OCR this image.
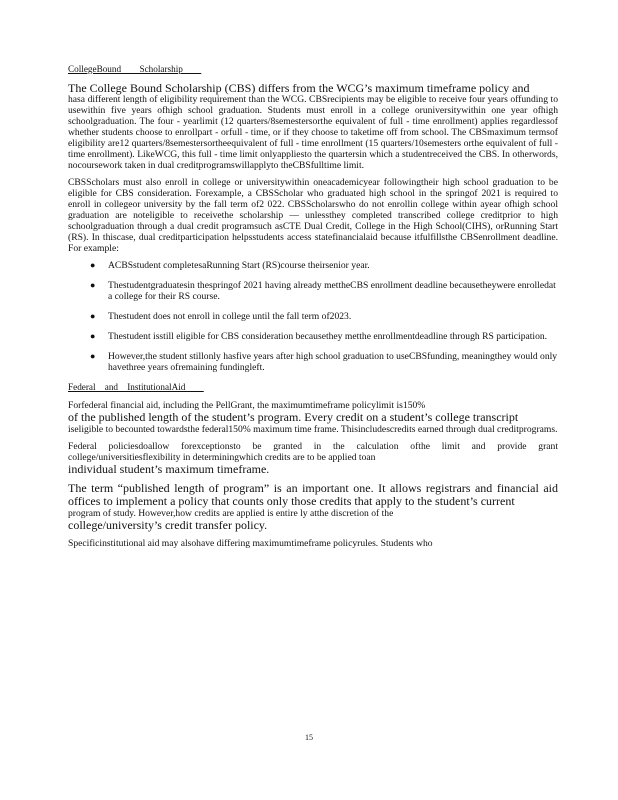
CollegeBound        Scholarship

The College Bound Scholarship (CBS) differs from the WCG’s maximum timeframe policy and

hasa different length of eligibility requirement than the WCG. CBSrecipients may be eligible to receive four years offunding to usewithin five years ofhigh school graduation. Students must enroll in a college oruniversitywithin one year ofhigh schoolgraduation. The four - yearlimit (12 quarters/8semestersorthe equivalent of full - time enrollment) applies regardlessof whether students choose to enrollpart - orfull - time, or if they choose to taketime off from school. The CBSmaximum termsof eligibility are12 quarters/8semestersortheequivalent of full - time enrollment (15 quarters/10semesters orthe equivalent of full - time enrollment). LikeWCG, this full - time limit onlyappliesto the quartersin which a studentreceived the CBS. In otherwords, nocoursework taken in dual creditprogramswillapplyto theCBSfulltime limit.

CBSScholars must also enroll in college or universitywithin oneacademicyear followingtheir high school graduation to be eligible for CBS consideration. Forexample, a CBSScholar who graduated high school in the springof 2021 is required to enroll in collegeor university by the fall term of2 022. CBSScholarswho do not enrollin college within ayear ofhigh school graduation are noteligible to receivethe scholarship — unlessthey completed transcribed college creditprior to high schoolgraduation through a dual credit programsuch asCTE Dual Credit, College in the High School(CIHS), orRunning Start (RS). In thiscase, dual creditparticipation helpsstudents access statefinancialaid because itfulfillsthe CBSenrollment deadline. For example:

● ACBSstudent completesaRunning Start (RS)course theirsenior year.
● Thestudentgraduatesin thespringof 2021 having already mettheCBS enrollment deadline becausetheywere enrolledat a college for their RS course.
● Thestudent does not enroll in college until the fall term of2023.
● Thestudent isstill eligible for CBS consideration becausethey metthe enrollmentdeadline through RS participation.
● However,the student stillonly hasfive years after high school graduation to useCBSfunding, meaningthey would only havethree years ofremaining fundingleft.
Federal    and    InstitutionalAid

Forfederal financial aid, including the PellGrant, the maximumtimeframe policylimit is150%
of the published length of the student’s program. Every credit on a student’s college transcript
iseligible to becounted towardsthe federal150% maximum time frame. Thisincludescredits earned through dual creditprograms.

Federal policiesdoallow forexceptionsto be granted in the calculation ofthe limit and provide grant college/universitiesflexibility in determiningwhich credits are to be applied toan
individual student’s maximum timeframe.

The term “published length of program” is an important one. It allows registrars and financial aid offices to implement a policy that counts only those credits that apply to the student’s current
program of study. However,how credits are applied is entire ly atthe discretion of the
college/university’s credit transfer policy.

Specificinstitutional aid may alsohave differing maximumtimeframe policyrules. Students who

15
